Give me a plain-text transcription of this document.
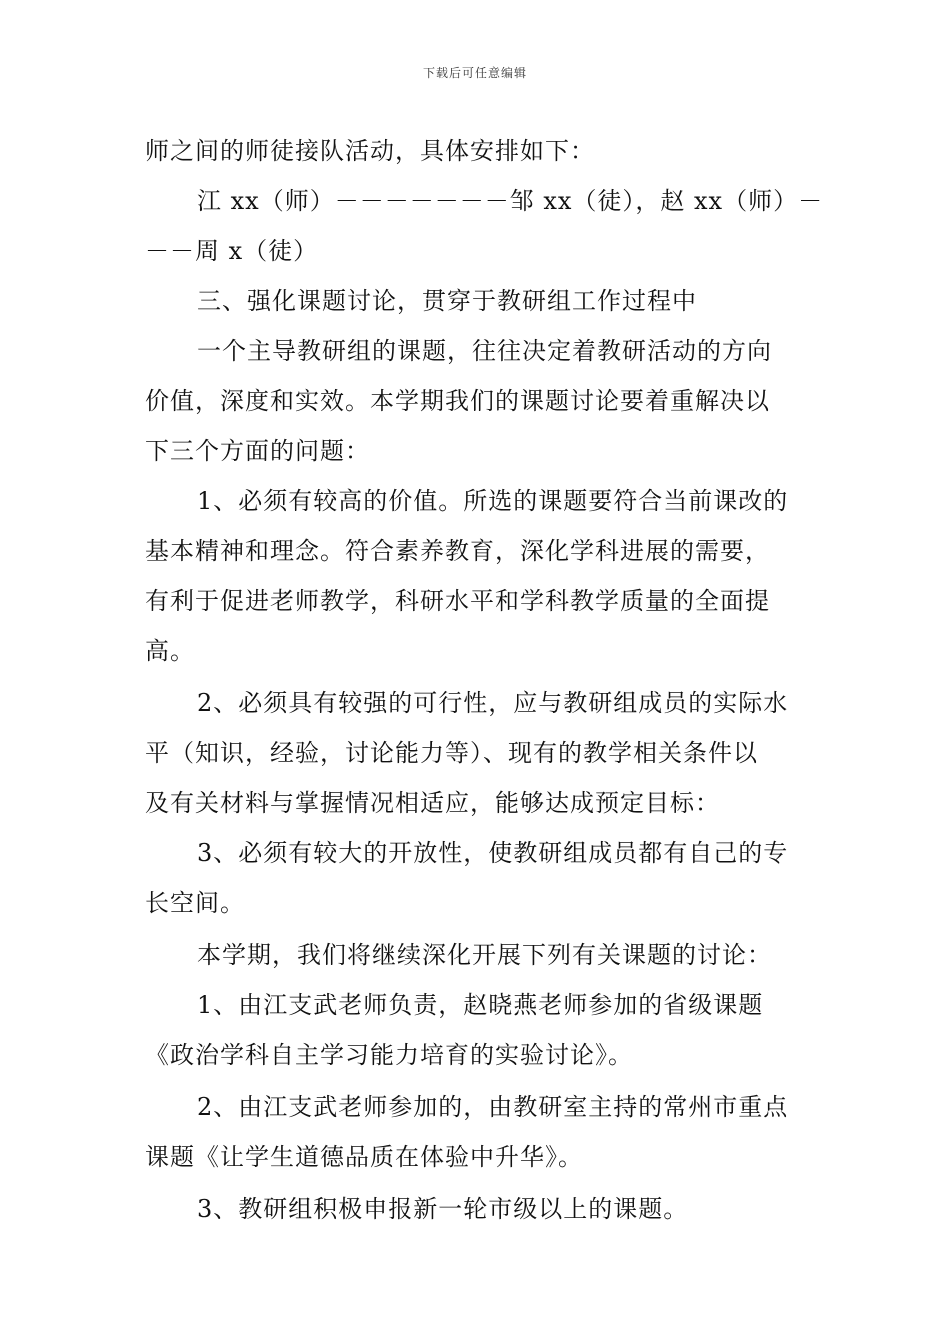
下载后可任意编辑
师之间的师徒接队活动，具体安排如下：
江 xx（师）－－－－－－－邹 xx（徒），赵 xx（师）－
－－周 x（徒）
三、强化课题讨论，贯穿于教研组工作过程中
一个主导教研组的课题，往往决定着教研活动的方向
价值，深度和实效。本学期我们的课题讨论要着重解决以
下三个方面的问题：
1、必须有较高的价值。所选的课题要符合当前课改的
基本精神和理念。符合素养教育，深化学科进展的需要，
有利于促进老师教学，科研水平和学科教学质量的全面提
高。
2、必须具有较强的可行性，应与教研组成员的实际水
平（知识，经验，讨论能力等）、现有的教学相关条件以
及有关材料与掌握情况相适应，能够达成预定目标：
3、必须有较大的开放性，使教研组成员都有自己的专
长空间。
本学期，我们将继续深化开展下列有关课题的讨论：
1、由江支武老师负责，赵晓燕老师参加的省级课题
《政治学科自主学习能力培育的实验讨论》。
2、由江支武老师参加的，由教研室主持的常州市重点
课题《让学生道德品质在体验中升华》。
3、教研组积极申报新一轮市级以上的课题。
